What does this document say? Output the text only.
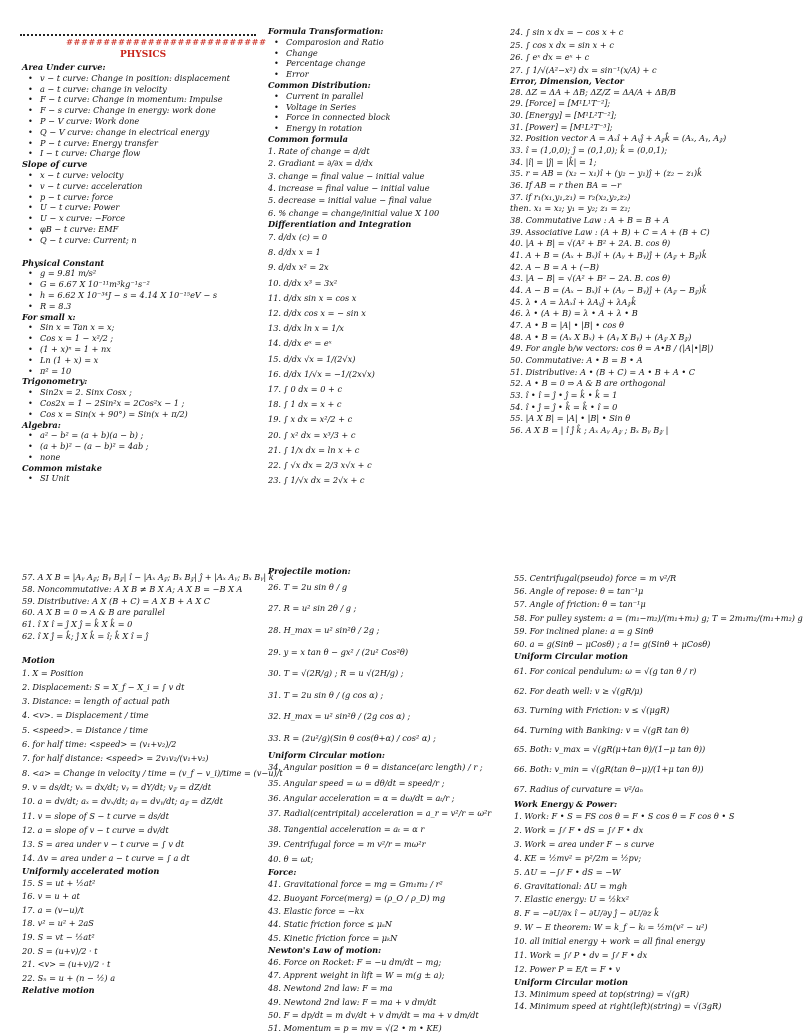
###########################
PHYSICS
Area Under curve:
• v − t curve: Change in position: displacement
• a − t curve: change in velocity
• F − t curve: Change in momentum: Impulse
• F − s curve: Change in energy: work done
• P − V curve: Work done
• Q − V curve: change in electrical energy
• P − t curve: Energy transfer
• I − t curve: Charge flow
Slope of curve
• x − t curve: velocity
• v − t curve: acceleration
• p − t curve: force
• U − t curve: Power
• U − x curve: −Force
• φB − t curve: EMF
• Q − t curve: Current; n
Physical Constant
• g = 9.81 m/s²
• G = 6.67 X 10⁻¹¹m³kg⁻¹s⁻²
• h = 6.62 X 10⁻³⁴J − s = 4.14 X 10⁻¹⁵eV − s
• R = 8.3
For small x:
• Sin x = Tan x = x;
• Cos x = 1 − x²/2 ;
• (1 + x)ⁿ = 1 + nx
• Ln (1 + x) = x
• π² = 10
Trigonometry:
• Sin2x = 2. Sinx Cosx ;
• Cos2x = 1 − 2Sin²x = 2Cos²x − 1 ;
• Cos x = Sin(x + 90°) = Sin(x + π/2)
Algebra:
• a² − b² = (a + b)(a − b) ;
• (a + b)² − (a − b)² = 4ab ;
• none
Common mistake
• SI Unit
Formula Transformation:
• Comparosion and Ratio
• Change
• Percentage change
• Error
Common Distribution:
• Current in parallel
• Voltage in Series
• Force in connected block
• Energy in rotation
Common formula
1. Rate of change = d/dt
2. Gradiant = ∂/∂x = d/dx
3. change = final value − initial value
4. increase = final value − initial value
5. decrease = initial value − final value
6. % change = change/initial value X 100
Differentiation and Integration
7. d/dx (c) = 0
8. d/dx x = 1
9. d/dx x² = 2x
10. d/dx x³ = 3x²
11. d/dx sin x = cos x
12. d/dx cos x = − sin x
13. d/dx ln x = 1/x
14. d/dx eˣ = eˣ
15. d/dx √x = 1/(2√x)
16. d/dx 1/√x = −1/(2x√x)
17. ∫ 0 dx = 0 + c
18. ∫ 1 dx = x + c
19. ∫ x dx = x²/2 + c
20. ∫ x² dx = x³/3 + c
21. ∫ 1/x dx = ln x + c
22. ∫ √x dx = 2/3 x√x + c
23. ∫ 1/√x dx = 2√x + c
24. ∫ sin x dx = − cos x + c
25. ∫ cos x dx = sin x + c
26. ∫ eˣ dx = eˣ + c
27. ∫ 1/√(A²−x²) dx = sin⁻¹(x/A) + c
Error, Dimension, Vector
28. ΔZ = ΔA + ΔB; ΔZ/Z = ΔA/A + ΔB/B
29. [Force] = [M¹L¹T⁻²];
30. [Energy] = [M¹L²T⁻²];
31. [Power] = [M¹L²T⁻³];
32. Position vector A = Aₓî + Aᵧĵ + A𝓏k̂ = (Aₓ, Aᵧ, A𝓏)
33. î = (1,0,0); ĵ = (0,1,0); k̂ = (0,0,1);
34. |î| = |ĵ| = |k̂| = 1;
35. r = AB = (x₂ − x₁)î + (y₂ − y₁)ĵ + (z₂ − z₁)k̂
36. If AB = r then BA = −r
37. if r₁(x₁,y₁,z₁) = r₂(x₂,y₂,z₂)
then. x₁ = x₂; y₁ = y₂; z₁ = z₂;
38. Commutative Law : A + B = B + A
39. Associative Law : (A + B) + C = A + (B + C)
40. |A + B| = √(A² + B² + 2A. B. cos θ)
41. A + B = (Aₓ + Bₓ)î + (Aᵧ + Bᵧ)ĵ + (A𝓏 + B𝓏)k̂
42. A − B = A + (−B)
43. |A − B| = √(A² + B² − 2A. B. cos θ)
44. A − B = (Aₓ − Bₓ)î + (Aᵧ − Bᵧ)ĵ + (A𝓏 − B𝓏)k̂
45. λ • A = λAₓî + λAᵧĵ + λA𝓏k̂
46. λ • (A + B) = λ • A + λ • B
47. A • B = |A| • |B| • cos θ
48. A • B = (Aₓ X Bₓ) + (Aᵧ X Bᵧ) + (A𝓏 X B𝓏)
49. For angle b/w vectors: cos θ = A•B / (|A|•|B|)
50. Commutative: A • B = B • A
51. Distributive: A • (B + C) = A • B + A • C
52. A • B = 0 ⇒ A & B are orthogonal
53. î • î = ĵ • ĵ = k̂ • k̂ = 1
54. î • ĵ = ĵ • k̂ = k̂ • î = 0
55. |A X B| = |A| • |B| • Sin θ
56. A X B = | î ĵ k̂ ; Aₓ Aᵧ A𝓏 ; Bₓ Bᵧ B𝓏 |
57. A X B = |Aᵧ A𝓏; Bᵧ B𝓏| î − |Aₓ A𝓏; Bₓ B𝓏| ĵ + |Aₓ Aᵧ; Bₓ Bᵧ| k̂
58. Noncommutative: A X B ≠ B X A; A X B = −B X A
59. Distributive: A X (B + C) = A X B + A X C
60. A X B = 0 ⇒ A & B are parallel
61. î X î = ĵ X ĵ = k̂ X k̂ = 0
62. î X ĵ = k̂; ĵ X k̂ = î; k̂ X î = ĵ
Motion
1. X = Position
2. Displacement: S = X_f − X_i = ∫ v dt
3. Distance: = length of actual path
4. <v>. = Displacement / time
5. <speed>. = Distance / time
6. for half time: <speed> = (v₁+v₂)/2
7. for half distance: <speed> = 2v₁v₂/(v₁+v₂)
8. <a> = Change in velocity / time = (v_f − v_i)/time = (v−u)/t
9. v = ds/dt; vₓ = dx/dt; vᵧ = dY/dt; v𝓏 = dZ/dt
10. a = dv/dt; aₓ = dvₓ/dt; aᵧ = dvᵧ/dt; a𝓏 = dZ/dt
11. v = slope of S − t curve = ds/dt
12. a = slope of v − t curve = dv/dt
13. S = area under v − t curve = ∫ v dt
14. Δv = area under a − t curve = ∫ a dt
Uniformly accelerated motion
15. S = ut + ½at²
16. v = u + at
17. a = (v−u)/t
18. v² = u² + 2aS
19. S = vt − ½at²
20. S = (u+v)/2 · t
21. <v> = (u+v)/2 · t
22. Sₙ = u + (n − ½) a
Relative motion
Projectile motion:
26. T = 2u sin θ / g
27. R = u² sin 2θ / g ;
28. H_max = u² sin²θ / 2g ;
29. y = x tan θ − gx² / (2u² Cos²θ)
30. T = √(2R/g) ; R = u √(2H/g) ;
31. T = 2u sin θ / (g cos α) ;
32. H_max = u² sin²θ / (2g cos α) ;
33. R = (2u²/g)(Sin θ cos(θ+α) / cos² α) ;
Uniform Circular motion:
34. Angular position = θ = distance(arc length) / r ;
35. Angular speed = ω = dθ/dt = speed/r ;
36. Angular acceleration = α = dω/dt = aₜ/r ;
37. Radial(centripital) acceleration = a_r = v²/r = ω²r
38. Tangential acceleration = aₜ = α r
39. Centrifugal force = m v²/r = mω²r
40. θ = ωt;
Force:
41. Gravitational force = mg = Gm₁m₂ / r²
42. Buoyant Force(merg) = (ρ_O / ρ_D) mg
43. Elastic force = −kx
44. Static friction force ≤ μₛN
45. Kinetic friction force = μₖN
Newton's Law of motion:
46. Force on Rocket: F = −u dm/dt − mg;
47. Apprent weight in lift = W = m(g ± a);
48. Newtond 2nd law: F = ma
49. Newtond 2nd law: F = ma + v dm/dt
50. F = dp/dt = m dv/dt + v dm/dt = ma + v dm/dt
51. Momentum = p = mv = √(2 • m • KE)
55. Centrifugal(pseudo) force = m v²/R
56. Angle of repose: θ = tan⁻¹μ
57. Angle of friction: θ = tan⁻¹μ
58. For pulley system: a = (m₁−m₂)/(m₁+m₂) g; T = 2m₁m₂/(m₁+m₂) g
59. For inclined plane: a = g Sinθ
60. a = g(Sinθ − μCosθ) ; a != g(Sinθ + μCosθ)
Uniform Circular motion
61. For conical pendulum: ω = √(g tan θ / r)
62. For death well: v ≥ √(gR/μ)
63. Turning with Friction: v ≤ √(μgR)
64. Turning with Banking: v = √(gR tan θ)
65. Both: v_max = √(gR(μ+tan θ)/(1−μ tan θ))
66. Both: v_min = √(gR(tan θ−μ)/(1+μ tan θ))
67. Radius of curvature = v²/aₙ
Work Energy & Power:
1. Work: F • S = FS cos θ = F • S cos θ = F cos θ • S
2. Work = ∫ᵢᶠ F • dS = ∫ᵢᶠ F • dx
3. Work = area under F − s curve
4. KE = ½mv² = p²/2m = ½pv;
5. ΔU = −∫ᵢᶠ F • dS = −W
6. Gravitational: ΔU = mgh
7. Elastic energy: U = ½kx²
8. F = −∂U/∂x î − ∂U/∂y ĵ − ∂U/∂z k̂
9. W − E theorem: W = k_f − kᵢ = ½m(v² − u²)
10. all initial energy + work = all final energy
11. Work = ∫ᵢᶠ P • dv = ∫ᵢᶠ F • dx
12. Power P = E/t = F • v
Uniform Circular motion
13. Minimum speed at top(string) = √(gR)
14. Minimum speed at right(left)(string) = √(3gR)
